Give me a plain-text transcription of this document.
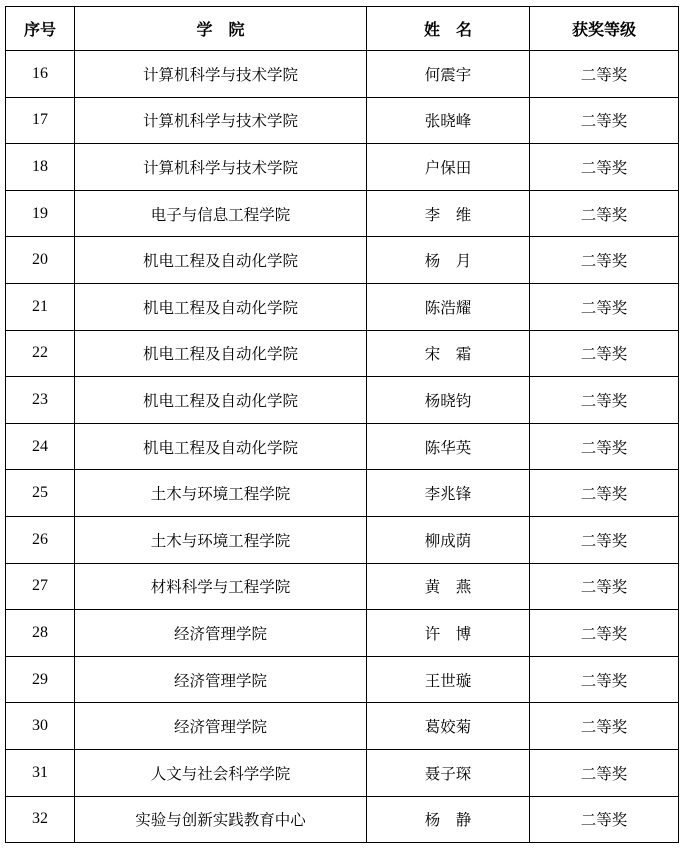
序号	学　院	姓　名	获奖等级
16	计算机科学与技术学院	何震宇	二等奖
17	计算机科学与技术学院	张晓峰	二等奖
18	计算机科学与技术学院	户保田	二等奖
19	电子与信息工程学院	李　维	二等奖
20	机电工程及自动化学院	杨　月	二等奖
21	机电工程及自动化学院	陈浩耀	二等奖
22	机电工程及自动化学院	宋　霜	二等奖
23	机电工程及自动化学院	杨晓钧	二等奖
24	机电工程及自动化学院	陈华英	二等奖
25	土木与环境工程学院	李兆锋	二等奖
26	土木与环境工程学院	柳成荫	二等奖
27	材料科学与工程学院	黄　燕	二等奖
28	经济管理学院	许　博	二等奖
29	经济管理学院	王世璇	二等奖
30	经济管理学院	葛姣菊	二等奖
31	人文与社会科学学院	聂子琛	二等奖
32	实验与创新实践教育中心	杨　静	二等奖
